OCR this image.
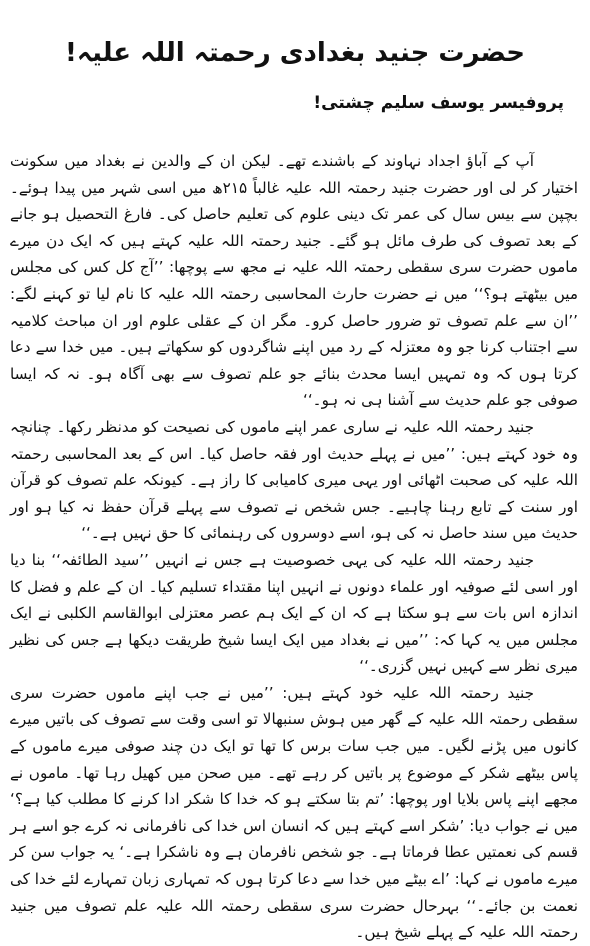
حضرت جنید بغدادی رحمتہ اللہ علیہ!
پروفیسر یوسف سلیم چشتی!

آپ کے آباؤ اجداد نہاوند کے باشندے تھے۔ لیکن ان کے والدین نے بغداد میں سکونت اختیار کر لی اور حضرت جنید رحمتہ اللہ علیہ غالباً ۲۱۵ھ میں اسی شہر میں پیدا ہوئے۔ بچپن سے بیس سال کی عمر تک دینی علوم کی تعلیم حاصل کی۔ فارغ التحصیل ہو جانے کے بعد تصوف کی طرف مائل ہو گئے۔ جنید رحمتہ اللہ علیہ کہتے ہیں کہ ایک دن میرے ماموں حضرت سری سقطی رحمتہ اللہ علیہ نے مجھ سے پوچھا: ’’آج کل کس کی مجلس میں بیٹھتے ہو؟‘‘ میں نے حضرت حارث المحاسبی رحمتہ اللہ علیہ کا نام لیا تو کہنے لگے: ’’ان سے علم تصوف تو ضرور حاصل کرو۔ مگر ان کے عقلی علوم اور ان مباحث کلامیہ سے اجتناب کرنا جو وہ معتزلہ کے رد میں اپنے شاگردوں کو سکھاتے ہیں۔ میں خدا سے دعا کرتا ہوں کہ وہ تمہیں ایسا محدث بنائے جو علم تصوف سے بھی آگاہ ہو۔ نہ کہ ایسا صوفی جو علم حدیث سے آشنا ہی نہ ہو۔‘‘

جنید رحمتہ اللہ علیہ نے ساری عمر اپنے ماموں کی نصیحت کو مدنظر رکھا۔ چنانچہ وہ خود کہتے ہیں: ’’میں نے پہلے حدیث اور فقہ حاصل کیا۔ اس کے بعد المحاسبی رحمتہ اللہ علیہ کی صحبت اٹھائی اور یہی میری کامیابی کا راز ہے۔ کیونکہ علم تصوف کو قرآن اور سنت کے تابع رہنا چاہیے۔ جس شخص نے تصوف سے پہلے قرآن حفظ نہ کیا ہو اور حدیث میں سند حاصل نہ کی ہو، اسے دوسروں کی رہنمائی کا حق نہیں ہے۔‘‘

جنید رحمتہ اللہ علیہ کی یہی خصوصیت ہے جس نے انہیں ’’سید الطائفہ‘‘ بنا دیا اور اسی لئے صوفیہ اور علماء دونوں نے انہیں اپنا مقتداء تسلیم کیا۔ ان کے علم و فضل کا اندازہ اس بات سے ہو سکتا ہے کہ ان کے ایک ہم عصر معتزلی ابوالقاسم الکلبی نے ایک مجلس میں یہ کہا کہ: ’’میں نے بغداد میں ایک ایسا شیخ طریقت دیکھا ہے جس کی نظیر میری نظر سے کہیں نہیں گزری۔‘‘

جنید رحمتہ اللہ علیہ خود کہتے ہیں: ’’میں نے جب اپنے ماموں حضرت سری سقطی رحمتہ اللہ علیہ کے گھر میں ہوش سنبھالا تو اسی وقت سے تصوف کی باتیں میرے کانوں میں پڑنے لگیں۔ میں جب سات برس کا تھا تو ایک دن چند صوفی میرے ماموں کے پاس بیٹھے شکر کے موضوع پر باتیں کر رہے تھے۔ میں صحن میں کھیل رہا تھا۔ ماموں نے مجھے اپنے پاس بلایا اور پوچھا: ’تم بتا سکتے ہو کہ خدا کا شکر ادا کرنے کا مطلب کیا ہے؟‘ میں نے جواب دیا: ’شکر اسے کہتے ہیں کہ انسان اس خدا کی نافرمانی نہ کرے جو اسے ہر قسم کی نعمتیں عطا فرماتا ہے۔ جو شخص نافرمان ہے وہ ناشکرا ہے۔‘ یہ جواب سن کر میرے ماموں نے کہا: ’اے بیٹے میں خدا سے دعا کرتا ہوں کہ تمہاری زبان تمہارے لئے خدا کی نعمت بن جائے۔‘‘ بہرحال حضرت سری سقطی رحمتہ اللہ علیہ علم تصوف میں جنید رحمتہ اللہ علیہ کے پہلے شیخ ہیں۔
